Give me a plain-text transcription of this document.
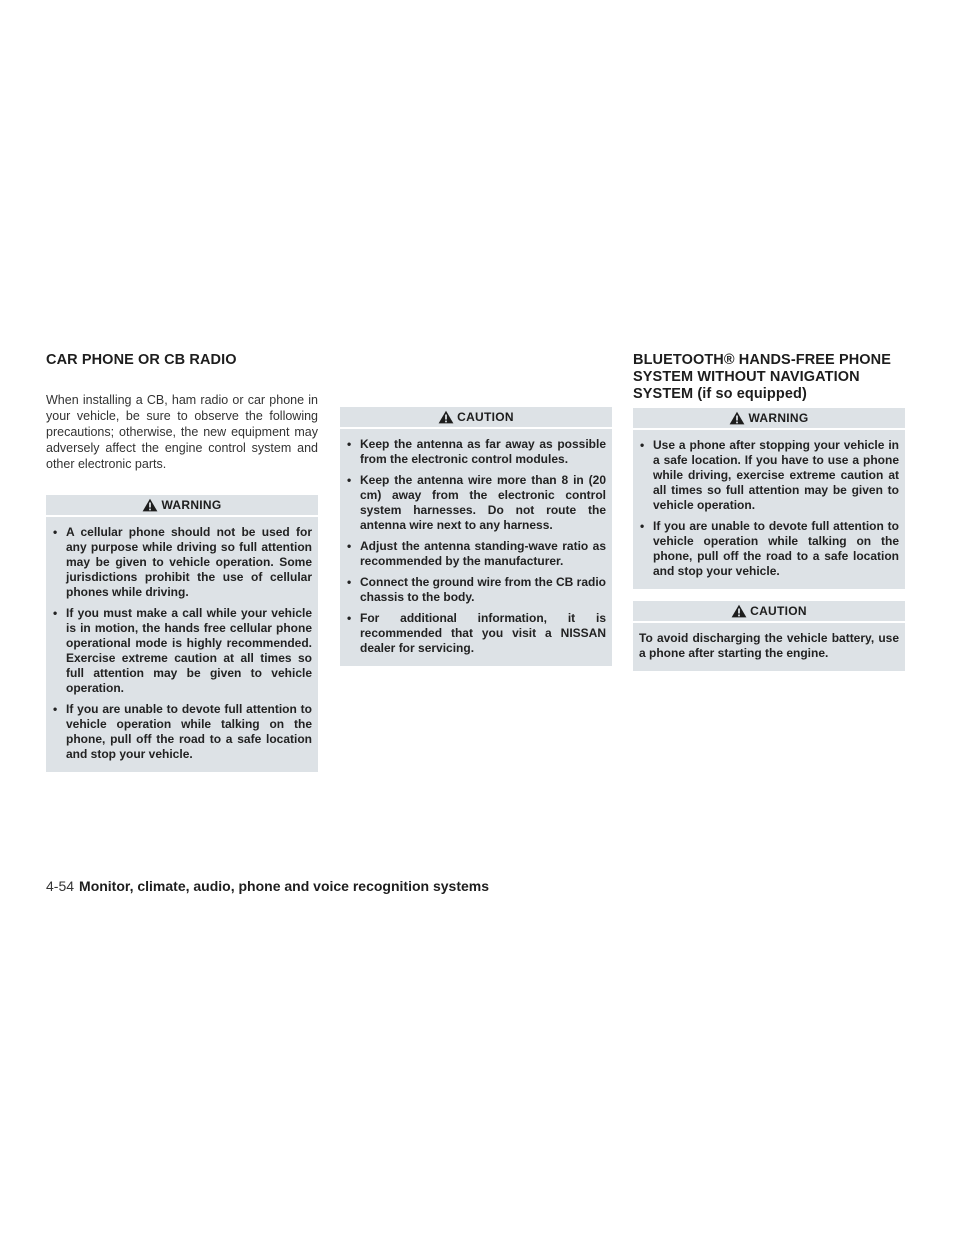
CAR PHONE OR CB RADIO

When installing a CB, ham radio or car phone in your vehicle, be sure to observe the following precautions; otherwise, the new equipment may adversely affect the engine control system and other electronic parts.

WARNING
• A cellular phone should not be used for any purpose while driving so full attention may be given to vehicle operation. Some jurisdictions prohibit the use of cellular phones while driving.
• If you must make a call while your vehicle is in motion, the hands free cellular phone operational mode is highly recommended. Exercise extreme caution at all times so full attention may be given to vehicle operation.
• If you are unable to devote full attention to vehicle operation while talking on the phone, pull off the road to a safe location and stop your vehicle.
CAUTION
• Keep the antenna as far away as possible from the electronic control modules.
• Keep the antenna wire more than 8 in (20 cm) away from the electronic control system harnesses. Do not route the antenna wire next to any harness.
• Adjust the antenna standing-wave ratio as recommended by the manufacturer.
• Connect the ground wire from the CB radio chassis to the body.
• For additional information, it is recommended that you visit a NISSAN dealer for servicing.
BLUETOOTH® HANDS-FREE PHONE
SYSTEM WITHOUT NAVIGATION
SYSTEM (if so equipped)
WARNING
• Use a phone after stopping your vehicle in a safe location. If you have to use a phone while driving, exercise extreme caution at all times so full attention may be given to vehicle operation.
• If you are unable to devote full attention to vehicle operation while talking on the phone, pull off the road to a safe location and stop your vehicle.
CAUTION

To avoid discharging the vehicle battery, use a phone after starting the engine.

4-54 Monitor, climate, audio, phone and voice recognition systems
